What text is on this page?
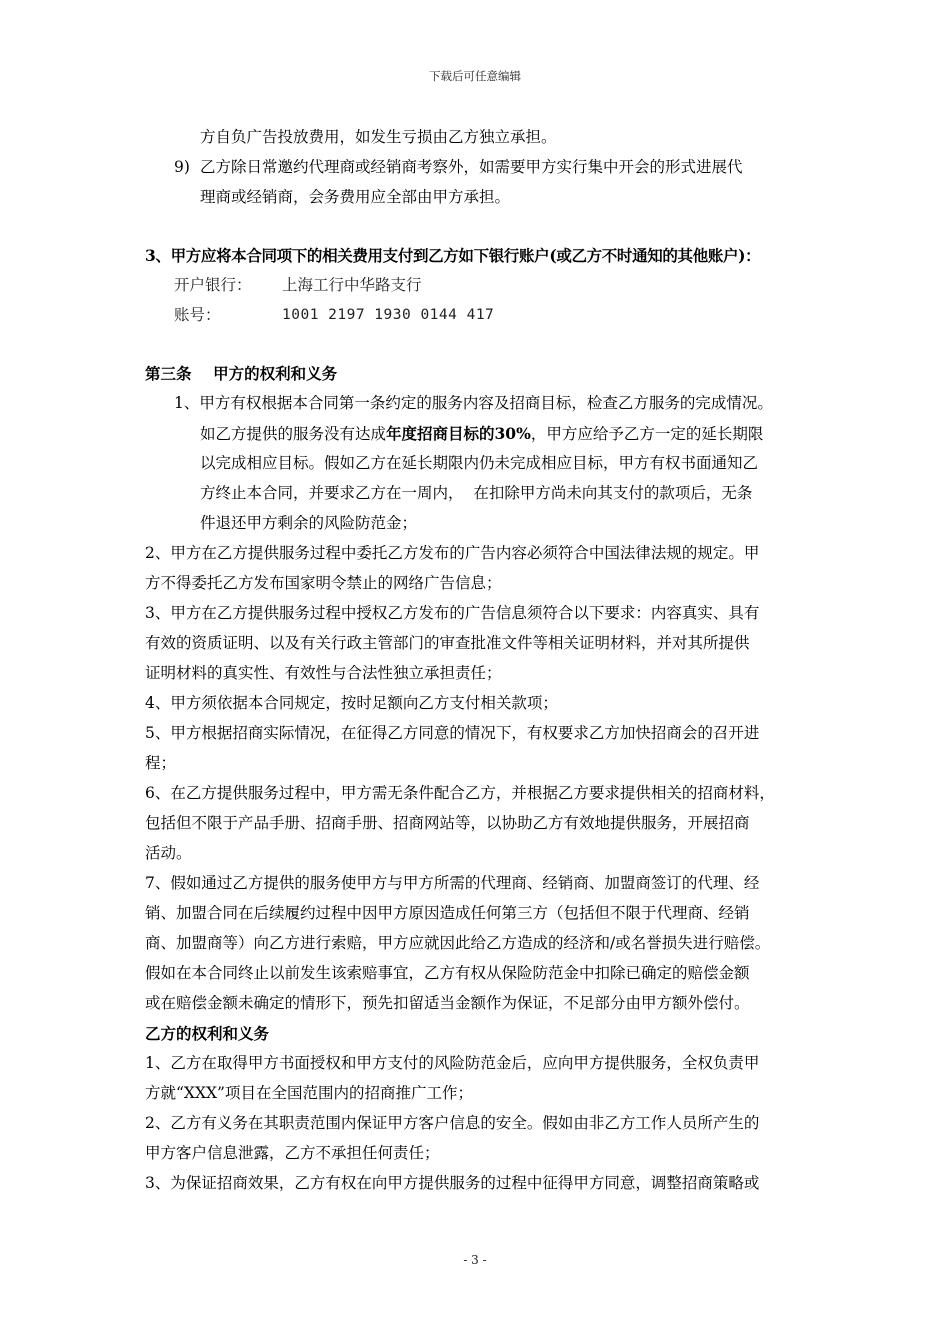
下载后可任意编辑
方自负广告投放费用，如发生亏损由乙方独立承担。
9) 乙方除日常邀约代理商或经销商考察外，如需要甲方实行集中开会的形式进展代
理商或经销商，会务费用应全部由甲方承担。
3、甲方应将本合同项下的相关费用支付到乙方如下银行账户(或乙方不时通知的其他账户)：
开户银行： 上海工行中华路支行
账号：	1001 2197 1930 0144 417
第三条    甲方的权利和义务
1、甲方有权根据本合同第一条约定的服务内容及招商目标，检查乙方服务的完成情况。
如乙方提供的服务没有达成年度招商目标的30%，甲方应给予乙方一定的延长期限
以完成相应目标。假如乙方在延长期限内仍未完成相应目标，甲方有权书面通知乙
方终止本合同，并要求乙方在一周内，  在扣除甲方尚未向其支付的款项后，无条
件退还甲方剩余的风险防范金；
2、甲方在乙方提供服务过程中委托乙方发布的广告内容必须符合中国法律法规的规定。甲
方不得委托乙方发布国家明令禁止的网络广告信息；
3、甲方在乙方提供服务过程中授权乙方发布的广告信息须符合以下要求：内容真实、具有
有效的资质证明、以及有关行政主管部门的审查批准文件等相关证明材料，并对其所提供
证明材料的真实性、有效性与合法性独立承担责任；
4、甲方须依据本合同规定，按时足额向乙方支付相关款项；
5、甲方根据招商实际情况，在征得乙方同意的情况下，有权要求乙方加快招商会的召开进
程；
6、在乙方提供服务过程中，甲方需无条件配合乙方，并根据乙方要求提供相关的招商材料，
包括但不限于产品手册、招商手册、招商网站等，以协助乙方有效地提供服务，开展招商
活动。
7、假如通过乙方提供的服务使甲方与甲方所需的代理商、经销商、加盟商签订的代理、经
销、加盟合同在后续履约过程中因甲方原因造成任何第三方（包括但不限于代理商、经销
商、加盟商等）向乙方进行索赔，甲方应就因此给乙方造成的经济和/或名誉损失进行赔偿。
假如在本合同终止以前发生该索赔事宜，乙方有权从保险防范金中扣除已确定的赔偿金额
或在赔偿金额未确定的情形下，预先扣留适当金额作为保证，不足部分由甲方额外偿付。
乙方的权利和义务
1、乙方在取得甲方书面授权和甲方支付的风险防范金后，应向甲方提供服务，全权负责甲
方就“XXX”项目在全国范围内的招商推广工作；
2、乙方有义务在其职责范围内保证甲方客户信息的安全。假如由非乙方工作人员所产生的
甲方客户信息泄露，乙方不承担任何责任；
3、为保证招商效果，乙方有权在向甲方提供服务的过程中征得甲方同意，调整招商策略或
- 3 -
